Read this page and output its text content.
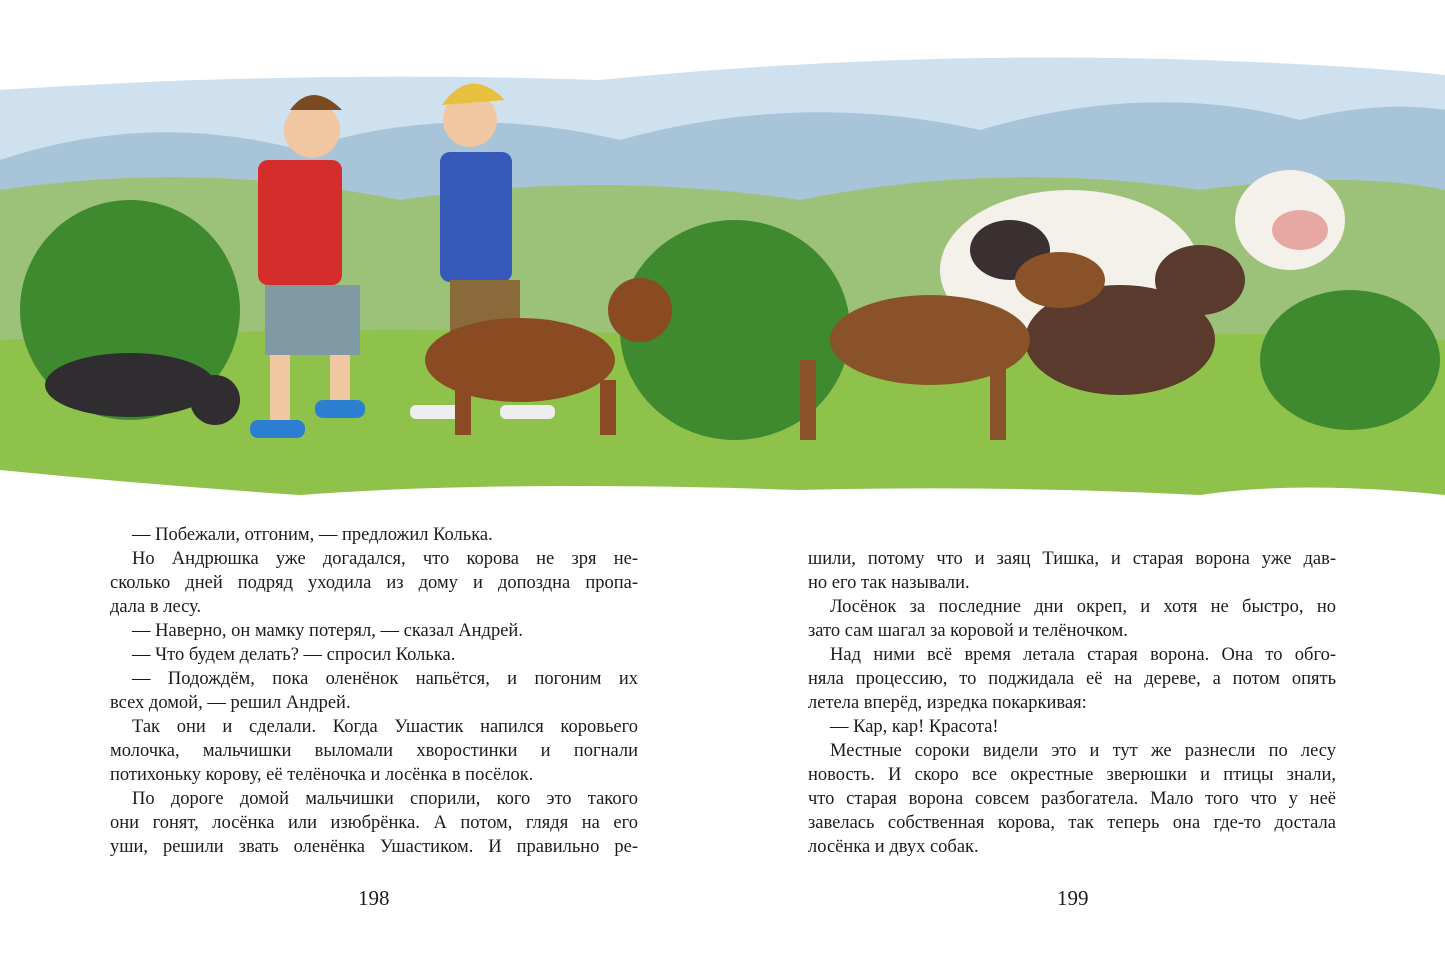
— Побежали, отгоним, — предложил Колька.
Но Андрюшка уже догадался, что корова не зря не-
сколько дней подряд уходила из дому и допоздна пропа-
дала в лесу.
— Наверно, он мамку потерял, — сказал Андрей.
— Что будем делать? — спросил Колька.
— Подождём, пока оленёнок напьётся, и погоним их
всех домой, — решил Андрей.
Так они и сделали. Когда Ушастик напился коровьего
молочка, мальчишки выломали хворостинки и погнали
потихоньку корову, её телёночка и лосёнка в посёлок.
По дороге домой мальчишки спорили, кого это такого
они гонят, лосёнка или изюбрёнка. А потом, глядя на его
уши, решили звать оленёнка Ушастиком. И правильно ре-
шили, потому что и заяц Тишка, и старая ворона уже дав-
но его так называли.
Лосёнок за последние дни окреп, и хотя не быстро, но
зато сам шагал за коровой и телёночком.
Над ними всё время летала старая ворона. Она то обго-
няла процессию, то поджидала её на дереве, а потом опять
летела вперёд, изредка покаркивая:
— Кар, кар! Красота!
Местные сороки видели это и тут же разнесли по лесу
новость. И скоро все окрестные зверюшки и птицы знали,
что старая ворона совсем разбогатела. Мало того что у неё
завелась собственная корова, так теперь она где-то достала
лосёнка и двух собак.
198	199
